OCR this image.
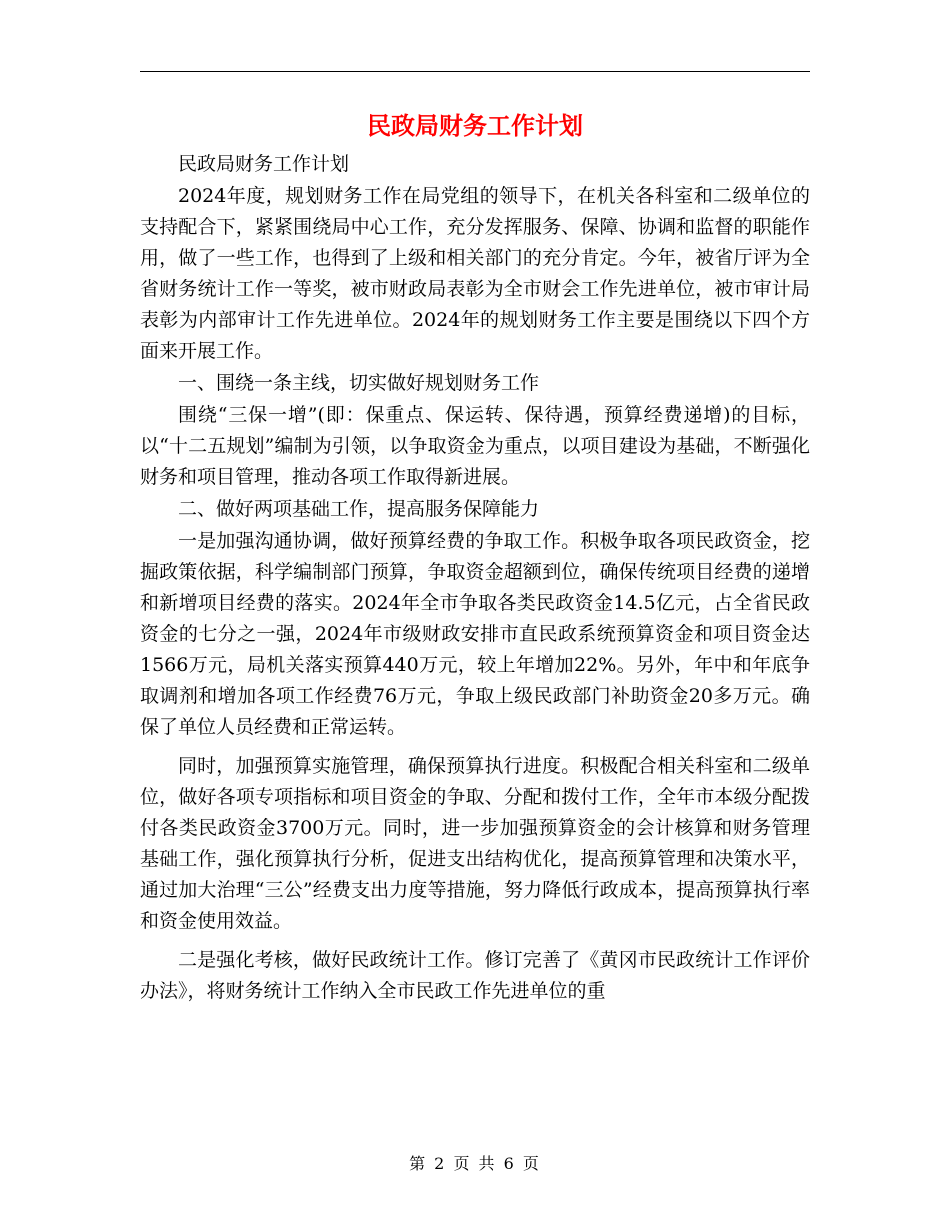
民政局财务工作计划

民政局财务工作计划

2024年度，规划财务工作在局党组的领导下，在机关各科室和二级单位的支持配合下，紧紧围绕局中心工作，充分发挥服务、保障、协调和监督的职能作用，做了一些工作，也得到了上级和相关部门的充分肯定。今年，被省厅评为全省财务统计工作一等奖，被市财政局表彰为全市财会工作先进单位，被市审计局表彰为内部审计工作先进单位。2024年的规划财务工作主要是围绕以下四个方面来开展工作。

一、围绕一条主线，切实做好规划财务工作

围绕“三保一增”(即：保重点、保运转、保待遇，预算经费递增)的目标，以“十二五规划”编制为引领，以争取资金为重点，以项目建设为基础，不断强化财务和项目管理，推动各项工作取得新进展。

二、做好两项基础工作，提高服务保障能力

一是加强沟通协调，做好预算经费的争取工作。积极争取各项民政资金，挖掘政策依据，科学编制部门预算，争取资金超额到位，确保传统项目经费的递增和新增项目经费的落实。2024年全市争取各类民政资金14.5亿元，占全省民政资金的七分之一强，2024年市级财政安排市直民政系统预算资金和项目资金达1566万元，局机关落实预算440万元，较上年增加22%。另外，年中和年底争取调剂和增加各项工作经费76万元，争取上级民政部门补助资金20多万元。确保了单位人员经费和正常运转。

同时，加强预算实施管理，确保预算执行进度。积极配合相关科室和二级单位，做好各项专项指标和项目资金的争取、分配和拨付工作，全年市本级分配拨付各类民政资金3700万元。同时，进一步加强预算资金的会计核算和财务管理基础工作，强化预算执行分析，促进支出结构优化，提高预算管理和决策水平，通过加大治理“三公”经费支出力度等措施，努力降低行政成本，提高预算执行率和资金使用效益。

二是强化考核，做好民政统计工作。修订完善了《黄冈市民政统计工作评价办法》，将财务统计工作纳入全市民政工作先进单位的重

第 2 页 共 6 页
